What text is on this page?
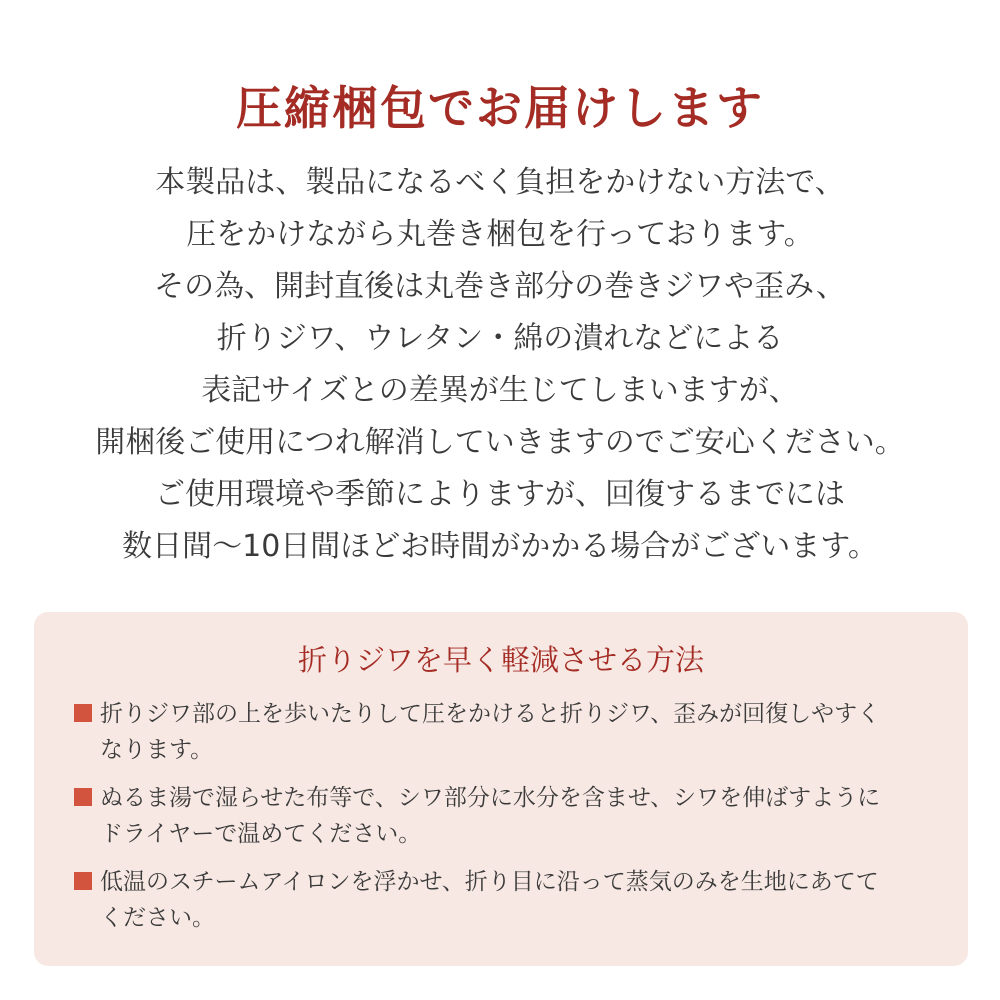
圧縮梱包でお届けします
本製品は、製品になるべく負担をかけない方法で、
圧をかけながら丸巻き梱包を行っております。
その為、開封直後は丸巻き部分の巻きジワや歪み、
折りジワ、ウレタン・綿の潰れなどによる
表記サイズとの差異が生じてしまいますが、
開梱後ご使用につれ解消していきますのでご安心ください。
ご使用環境や季節によりますが、回復するまでには
数日間〜10日間ほどお時間がかかる場合がございます。
折りジワを早く軽減させる方法
折りジワ部の上を歩いたりして圧をかけると折りジワ、歪みが回復しやすく
なります。
ぬるま湯で湿らせた布等で、シワ部分に水分を含ませ、シワを伸ばすように
ドライヤーで温めてください。
低温のスチームアイロンを浮かせ、折り目に沿って蒸気のみを生地にあてて
ください。
